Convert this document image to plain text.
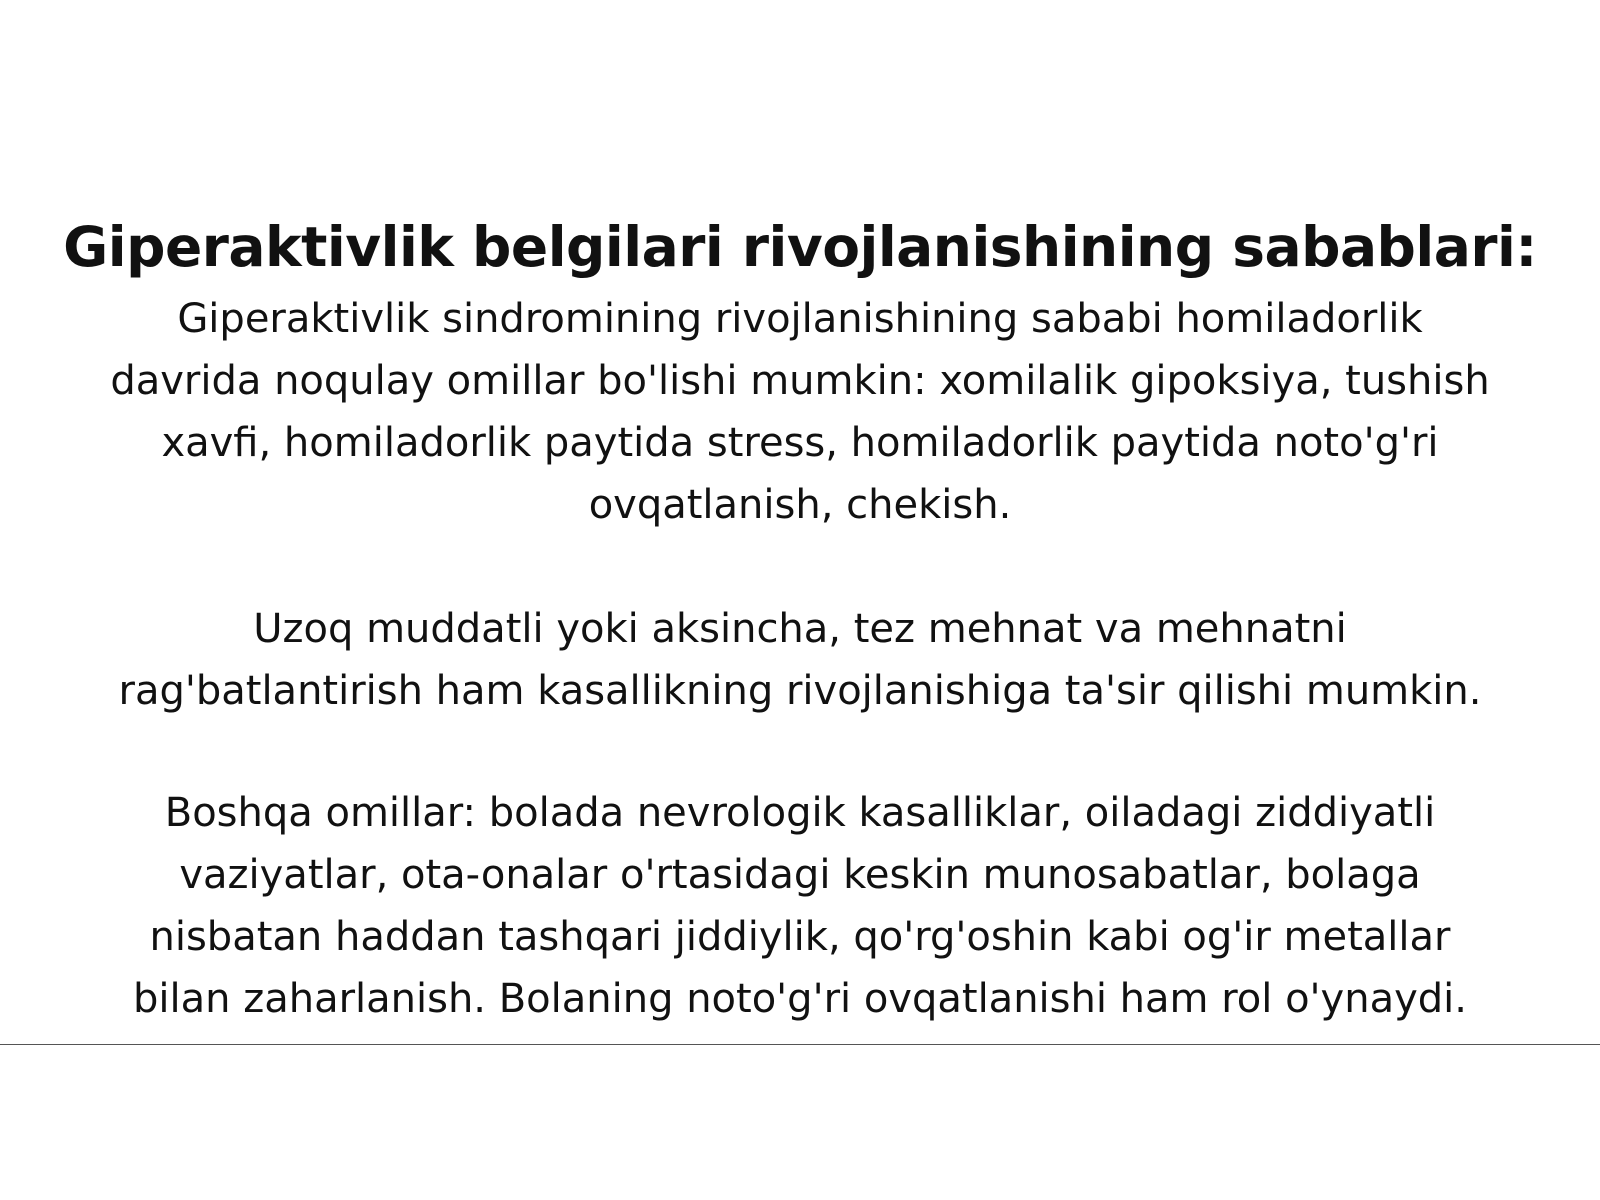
Giperaktivlik belgilari rivojlanishining sabablari:
Giperaktivlik sindromining rivojlanishining sababi homiladorlik
davrida noqulay omillar bo'lishi mumkin: xomilalik gipoksiya, tushish
xavfi, homiladorlik paytida stress, homiladorlik paytida noto'g'ri
ovqatlanish, chekish.
Uzoq muddatli yoki aksincha, tez mehnat va mehnatni
rag'batlantirish ham kasallikning rivojlanishiga ta'sir qilishi mumkin.
Boshqa omillar: bolada nevrologik kasalliklar, oiladagi ziddiyatli
vaziyatlar, ota-onalar o'rtasidagi keskin munosabatlar, bolaga
nisbatan haddan tashqari jiddiylik, qo'rg'oshin kabi og'ir metallar
bilan zaharlanish. Bolaning noto'g'ri ovqatlanishi ham rol o'ynaydi.
